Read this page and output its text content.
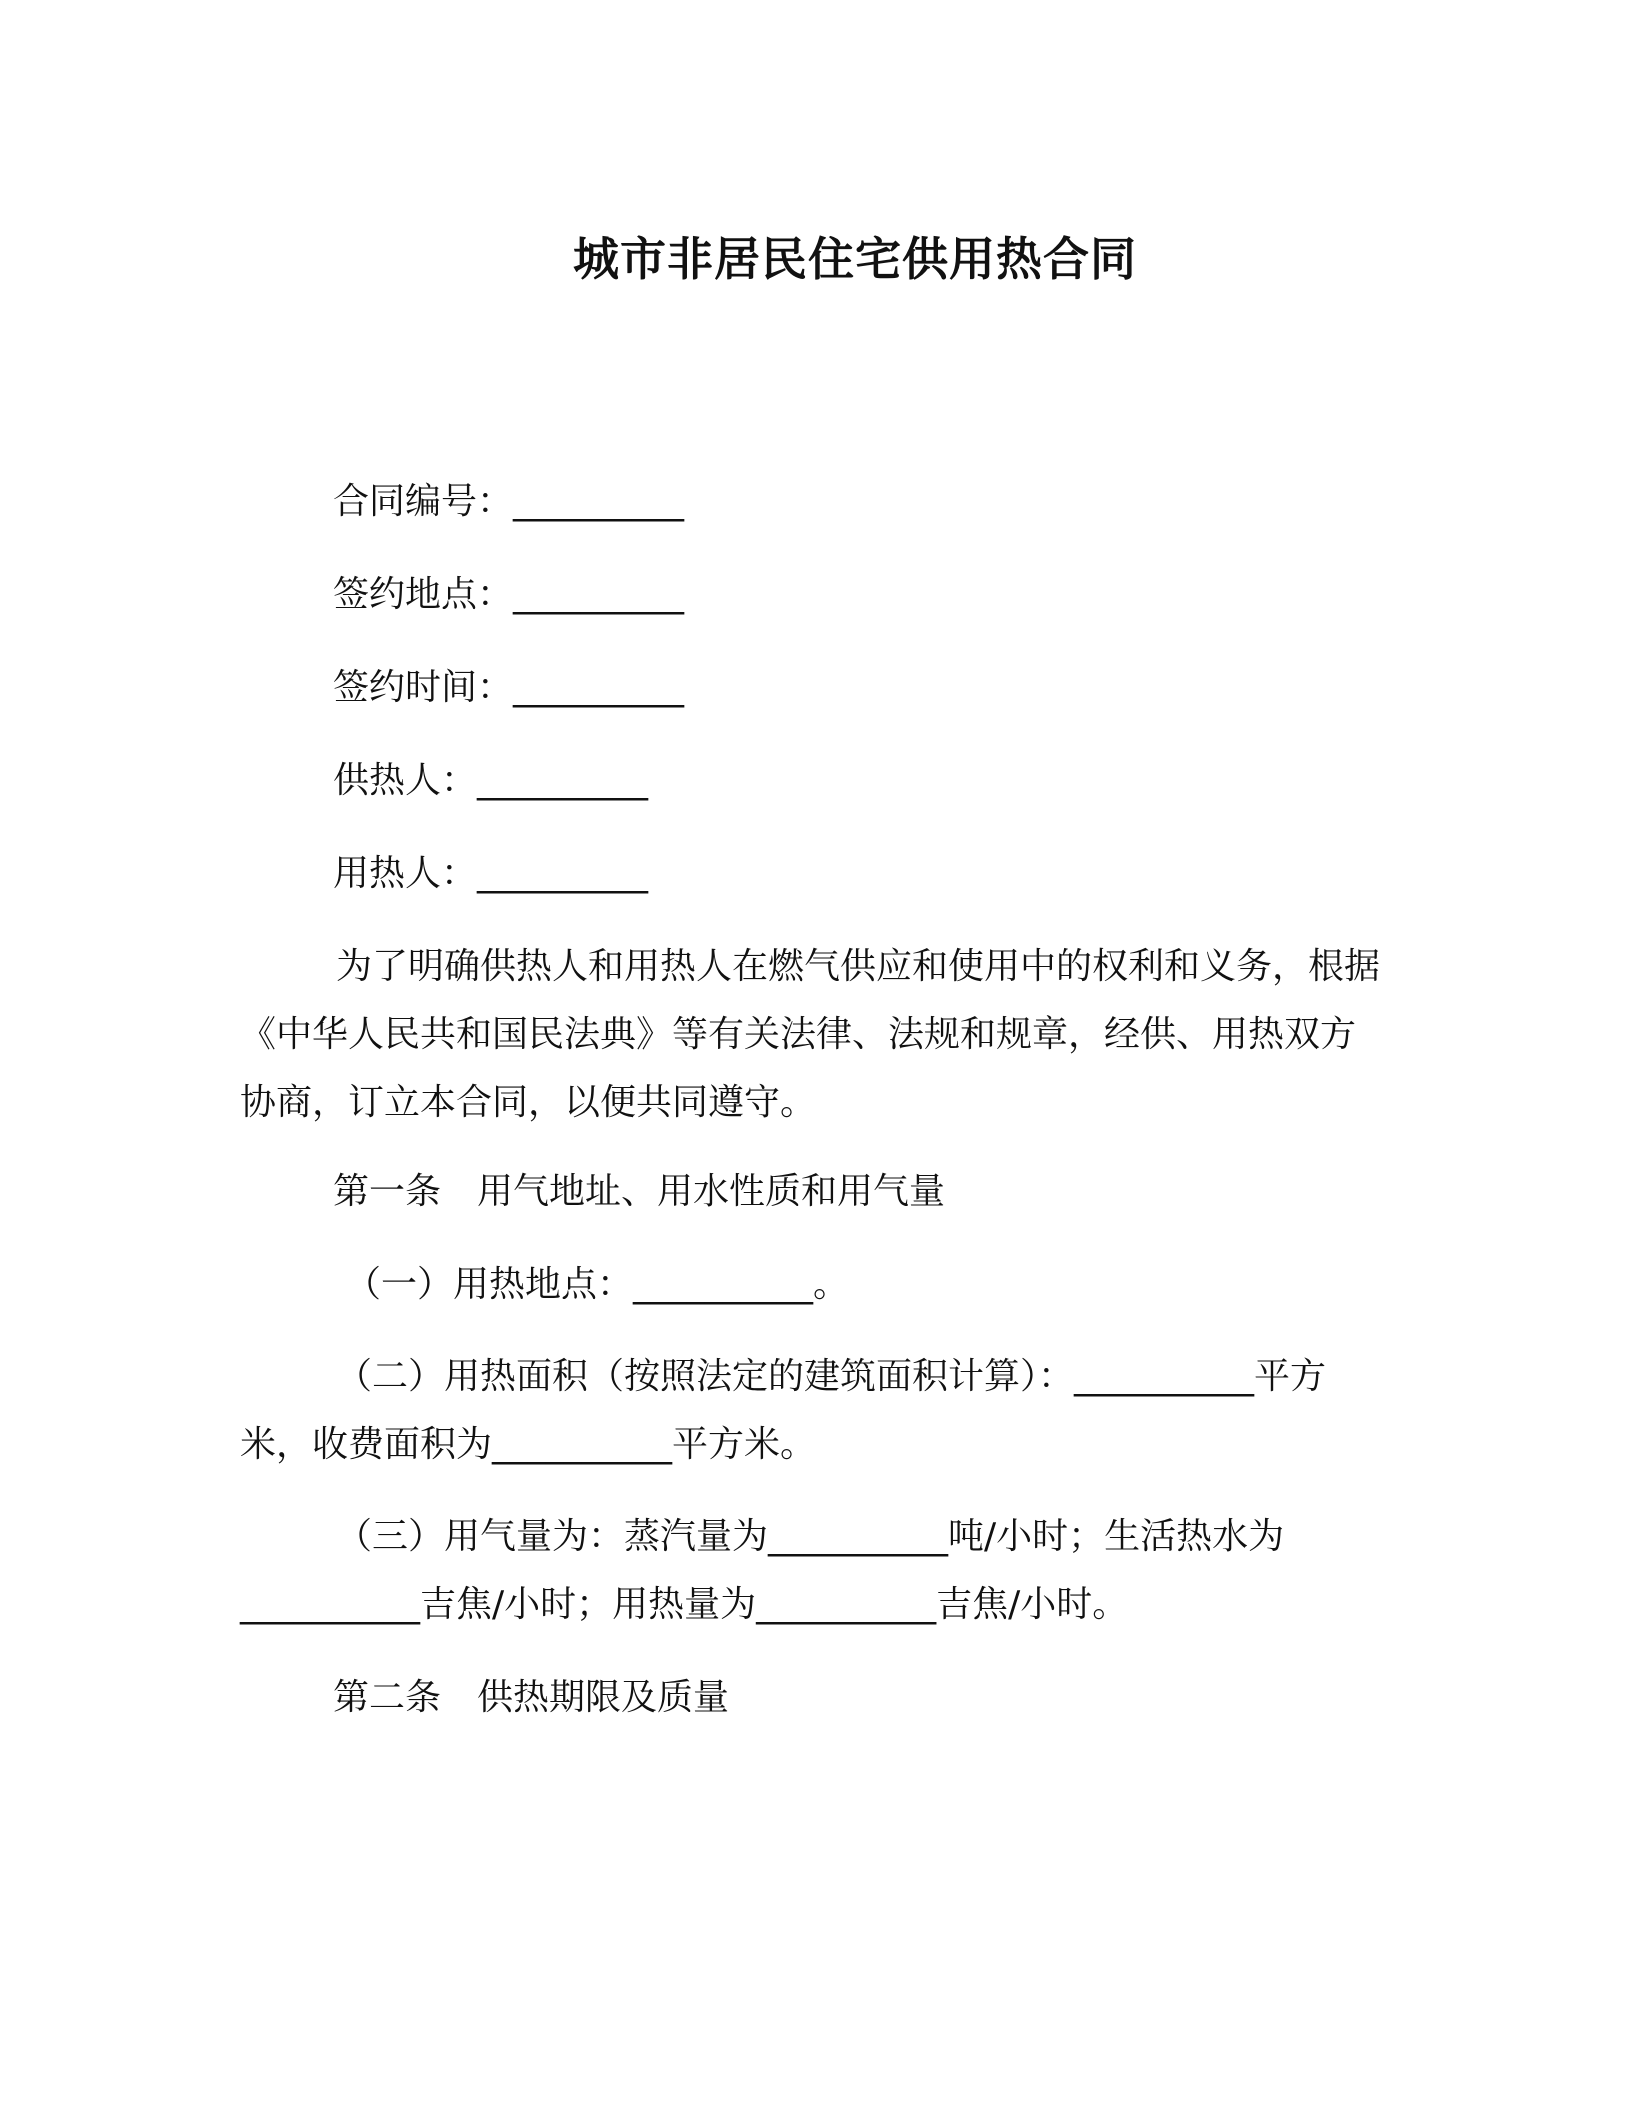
城市非居民住宅供用热合同
合同编号：__________
签约地点：__________
签约时间：__________
供热人：__________
用热人：__________
为了明确供热人和用热人在燃气供应和使用中的权利和义务，根据《中华人民共和国民法典》等有关法律、法规和规章，经供、用热双方协商，订立本合同，以便共同遵守。
第一条　用气地址、用水性质和用气量
（一）用热地点：__________。
（二）用热面积（按照法定的建筑面积计算）：__________平方米，收费面积为__________平方米。
（三）用气量为：蒸汽量为__________吨/小时；生活热水为__________吉焦/小时；用热量为__________吉焦/小时。
第二条　供热期限及质量
